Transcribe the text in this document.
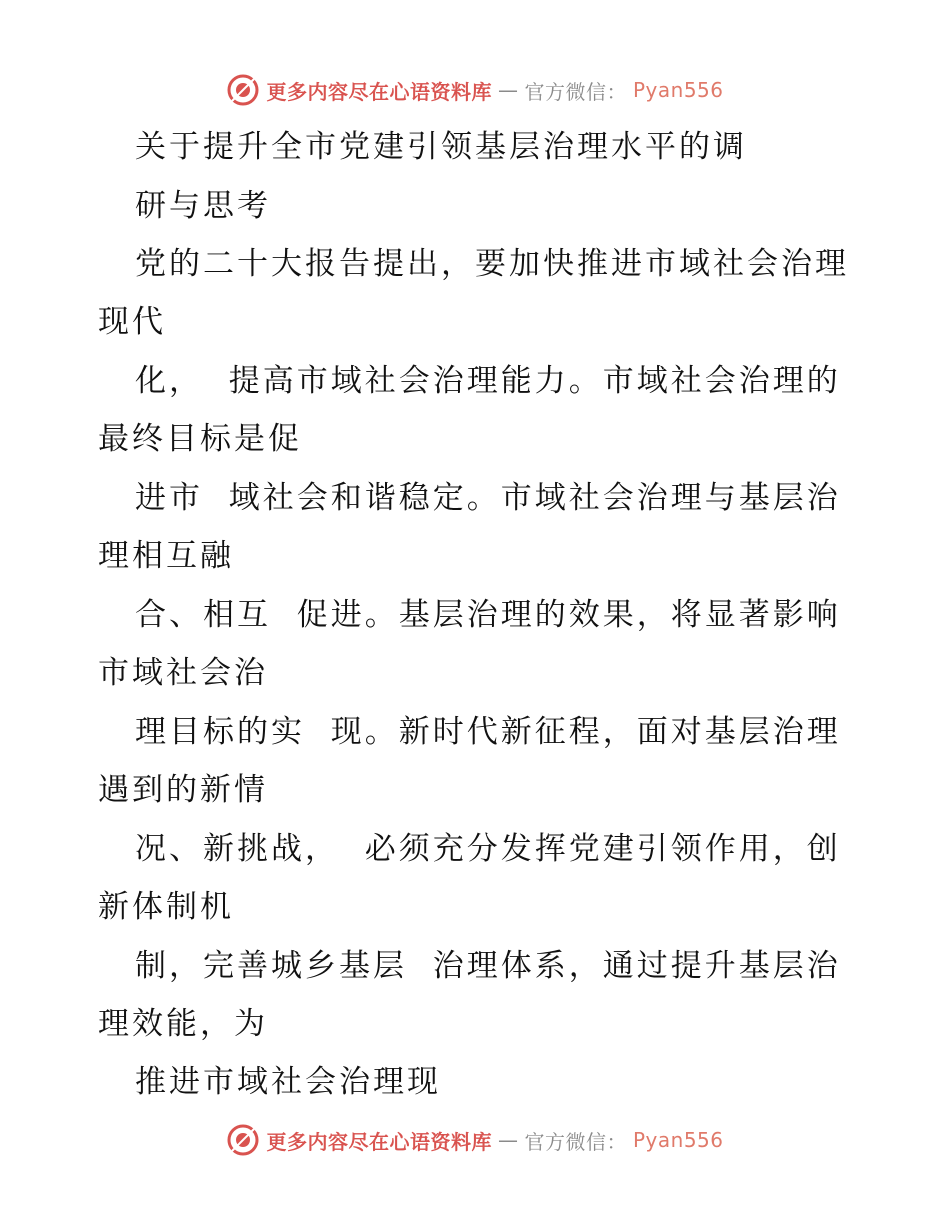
更多内容尽在心语资料库 — 官方微信： Pyan556
关于提升全市党建引领基层治理水平的调
研与思考
党的二十大报告提出，要加快推进市域社会治理
现代
化，  提高市域社会治理能力。市域社会治理的
最终目标是促
进市  域社会和谐稳定。市域社会治理与基层治
理相互融
合、相互  促进。基层治理的效果，将显著影响
市域社会治
理目标的实  现。新时代新征程，面对基层治理
遇到的新情
况、新挑战，  必须充分发挥党建引领作用，创
新体制机
制，完善城乡基层  治理体系，通过提升基层治
理效能，为
推进市域社会治理现
更多内容尽在心语资料库 — 官方微信： Pyan556
